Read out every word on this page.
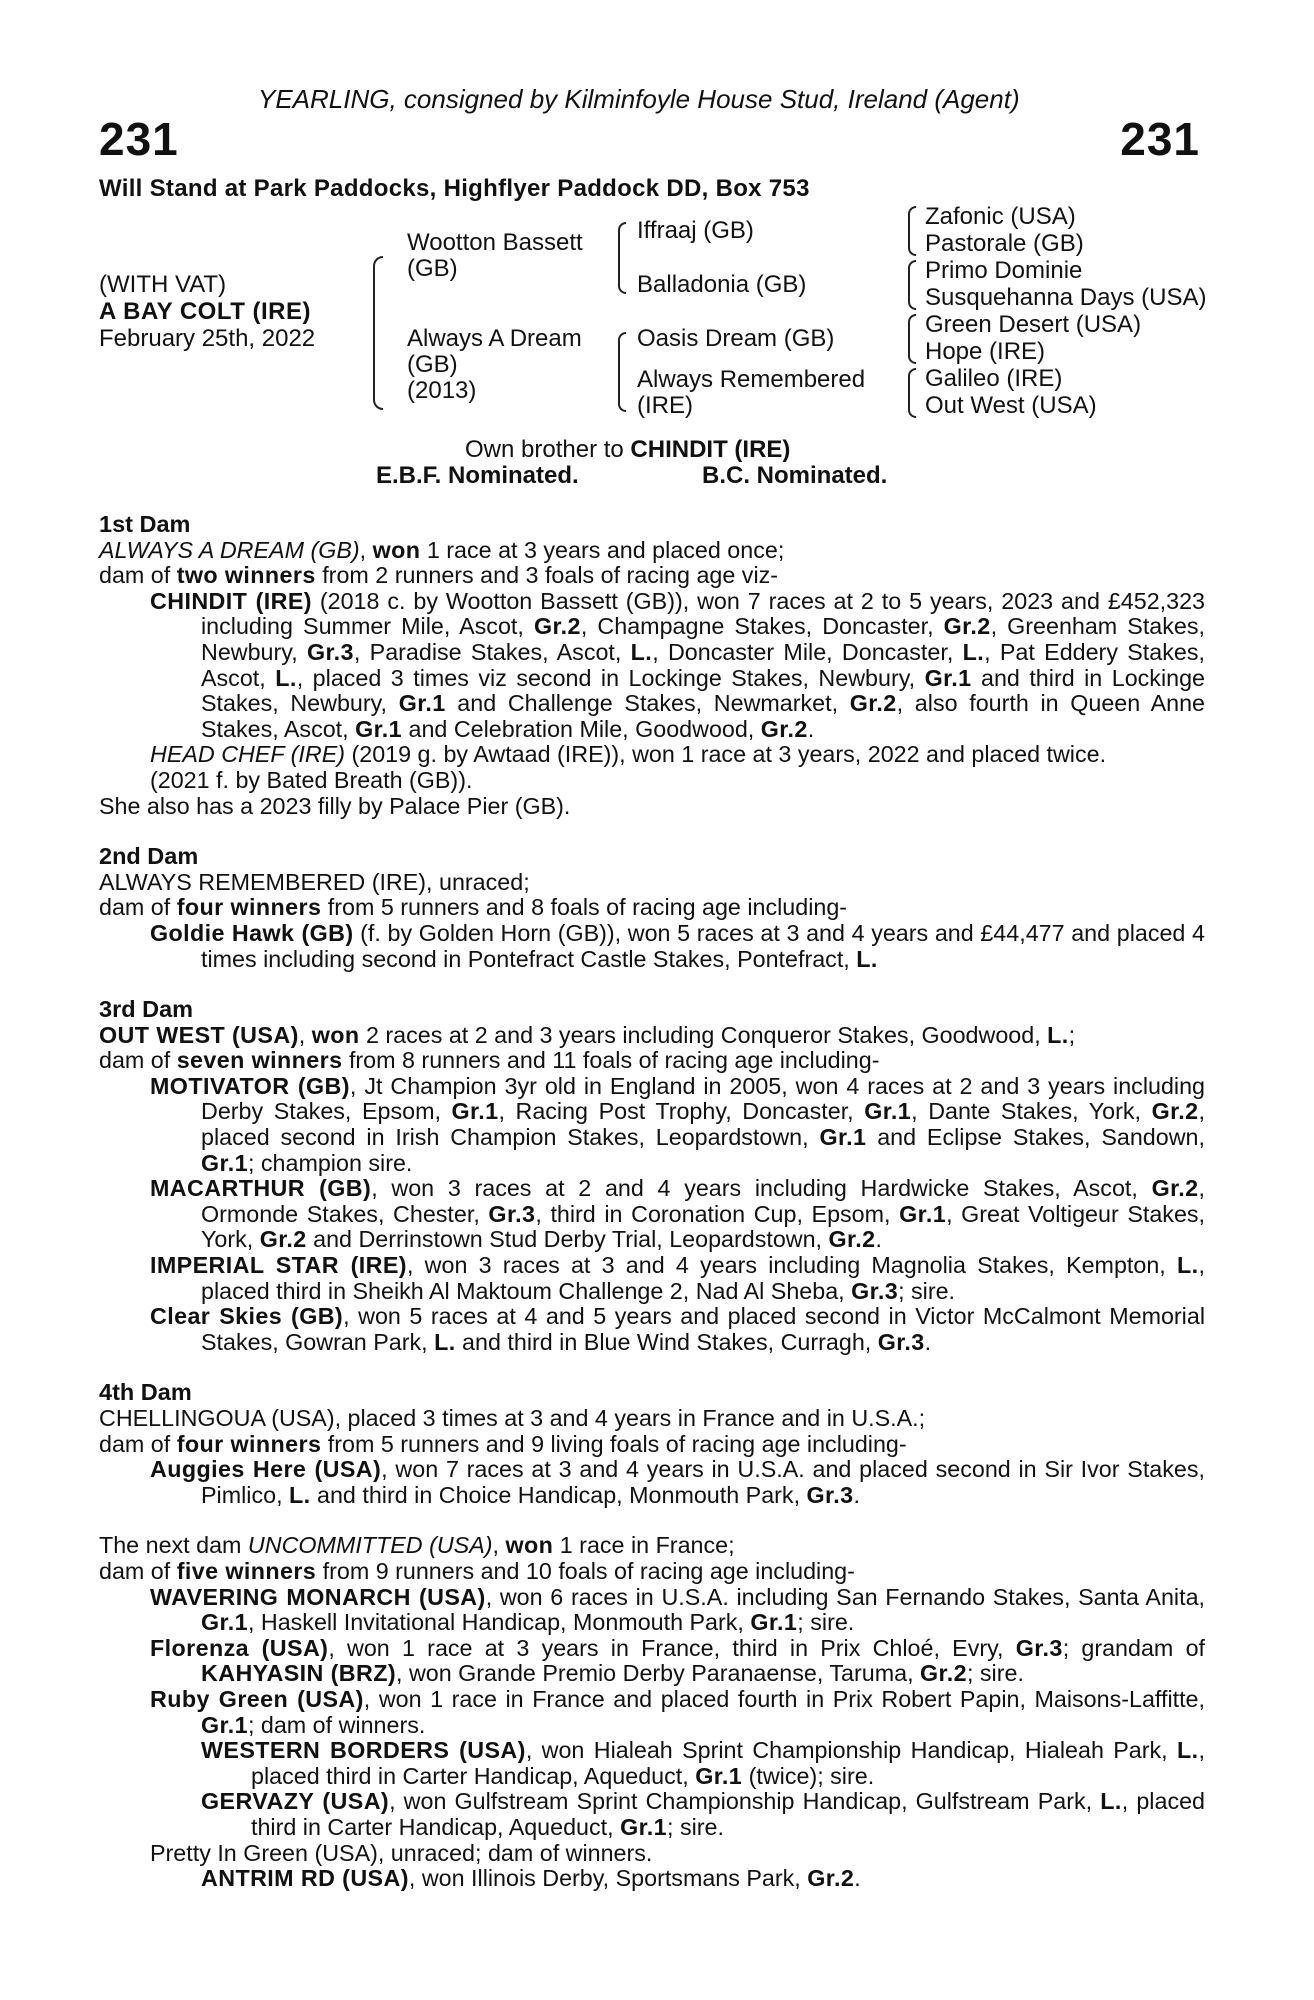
YEARLING, consigned by Kilminfoyle House Stud, Ireland (Agent)
231	231
Will Stand at Park Paddocks, Highflyer Paddock DD, Box 753
(WITH VAT)
A BAY COLT (IRE)
February 25th, 2022
Wootton Bassett
(GB)
Always A Dream
(GB)
(2013)
Iffraaj (GB)
Balladonia (GB)
Oasis Dream (GB)
Always Remembered
(IRE)
Zafonic (USA)
Pastorale (GB)
Primo Dominie
Susquehanna Days (USA)
Green Desert (USA)
Hope (IRE)
Galileo (IRE)
Out West (USA)
Own brother to CHINDIT (IRE)
E.B.F. Nominated.	B.C. Nominated.
1st Dam
ALWAYS A DREAM (GB), won 1 race at 3 years and placed once;
dam of two winners from 2 runners and 3 foals of racing age viz-
CHINDIT (IRE) (2018 c. by Wootton Bassett (GB)), won 7 races at 2 to 5 years, 2023 and £452,323 including Summer Mile, Ascot, Gr.2, Champagne Stakes, Doncaster, Gr.2, Greenham Stakes, Newbury, Gr.3, Paradise Stakes, Ascot, L., Doncaster Mile, Doncaster, L., Pat Eddery Stakes, Ascot, L., placed 3 times viz second in Lockinge Stakes, Newbury, Gr.1 and third in Lockinge Stakes, Newbury, Gr.1 and Challenge Stakes, Newmarket, Gr.2, also fourth in Queen Anne Stakes, Ascot, Gr.1 and Celebration Mile, Goodwood, Gr.2.
HEAD CHEF (IRE) (2019 g. by Awtaad (IRE)), won 1 race at 3 years, 2022 and placed twice.
(2021 f. by Bated Breath (GB)).
She also has a 2023 filly by Palace Pier (GB).
2nd Dam
ALWAYS REMEMBERED (IRE), unraced;
dam of four winners from 5 runners and 8 foals of racing age including-
Goldie Hawk (GB) (f. by Golden Horn (GB)), won 5 races at 3 and 4 years and £44,477 and placed 4 times including second in Pontefract Castle Stakes, Pontefract, L.
3rd Dam
OUT WEST (USA), won 2 races at 2 and 3 years including Conqueror Stakes, Goodwood, L.;
dam of seven winners from 8 runners and 11 foals of racing age including-
MOTIVATOR (GB), Jt Champion 3yr old in England in 2005, won 4 races at 2 and 3 years including Derby Stakes, Epsom, Gr.1, Racing Post Trophy, Doncaster, Gr.1, Dante Stakes, York, Gr.2, placed second in Irish Champion Stakes, Leopardstown, Gr.1 and Eclipse Stakes, Sandown, Gr.1; champion sire.
MACARTHUR (GB), won 3 races at 2 and 4 years including Hardwicke Stakes, Ascot, Gr.2, Ormonde Stakes, Chester, Gr.3, third in Coronation Cup, Epsom, Gr.1, Great Voltigeur Stakes, York, Gr.2 and Derrinstown Stud Derby Trial, Leopardstown, Gr.2.
IMPERIAL STAR (IRE), won 3 races at 3 and 4 years including Magnolia Stakes, Kempton, L., placed third in Sheikh Al Maktoum Challenge 2, Nad Al Sheba, Gr.3; sire.
Clear Skies (GB), won 5 races at 4 and 5 years and placed second in Victor McCalmont Memorial Stakes, Gowran Park, L. and third in Blue Wind Stakes, Curragh, Gr.3.
4th Dam
CHELLINGOUA (USA), placed 3 times at 3 and 4 years in France and in U.S.A.;
dam of four winners from 5 runners and 9 living foals of racing age including-
Auggies Here (USA), won 7 races at 3 and 4 years in U.S.A. and placed second in Sir Ivor Stakes, Pimlico, L. and third in Choice Handicap, Monmouth Park, Gr.3.
The next dam UNCOMMITTED (USA), won 1 race in France;
dam of five winners from 9 runners and 10 foals of racing age including-
WAVERING MONARCH (USA), won 6 races in U.S.A. including San Fernando Stakes, Santa Anita, Gr.1, Haskell Invitational Handicap, Monmouth Park, Gr.1; sire.
Florenza (USA), won 1 race at 3 years in France, third in Prix Chloé, Evry, Gr.3; grandam of KAHYASIN (BRZ), won Grande Premio Derby Paranaense, Taruma, Gr.2; sire.
Ruby Green (USA), won 1 race in France and placed fourth in Prix Robert Papin, Maisons-Laffitte, Gr.1; dam of winners.
WESTERN BORDERS (USA), won Hialeah Sprint Championship Handicap, Hialeah Park, L., placed third in Carter Handicap, Aqueduct, Gr.1 (twice); sire.
GERVAZY (USA), won Gulfstream Sprint Championship Handicap, Gulfstream Park, L., placed third in Carter Handicap, Aqueduct, Gr.1; sire.
Pretty In Green (USA), unraced; dam of winners.
ANTRIM RD (USA), won Illinois Derby, Sportsmans Park, Gr.2.
